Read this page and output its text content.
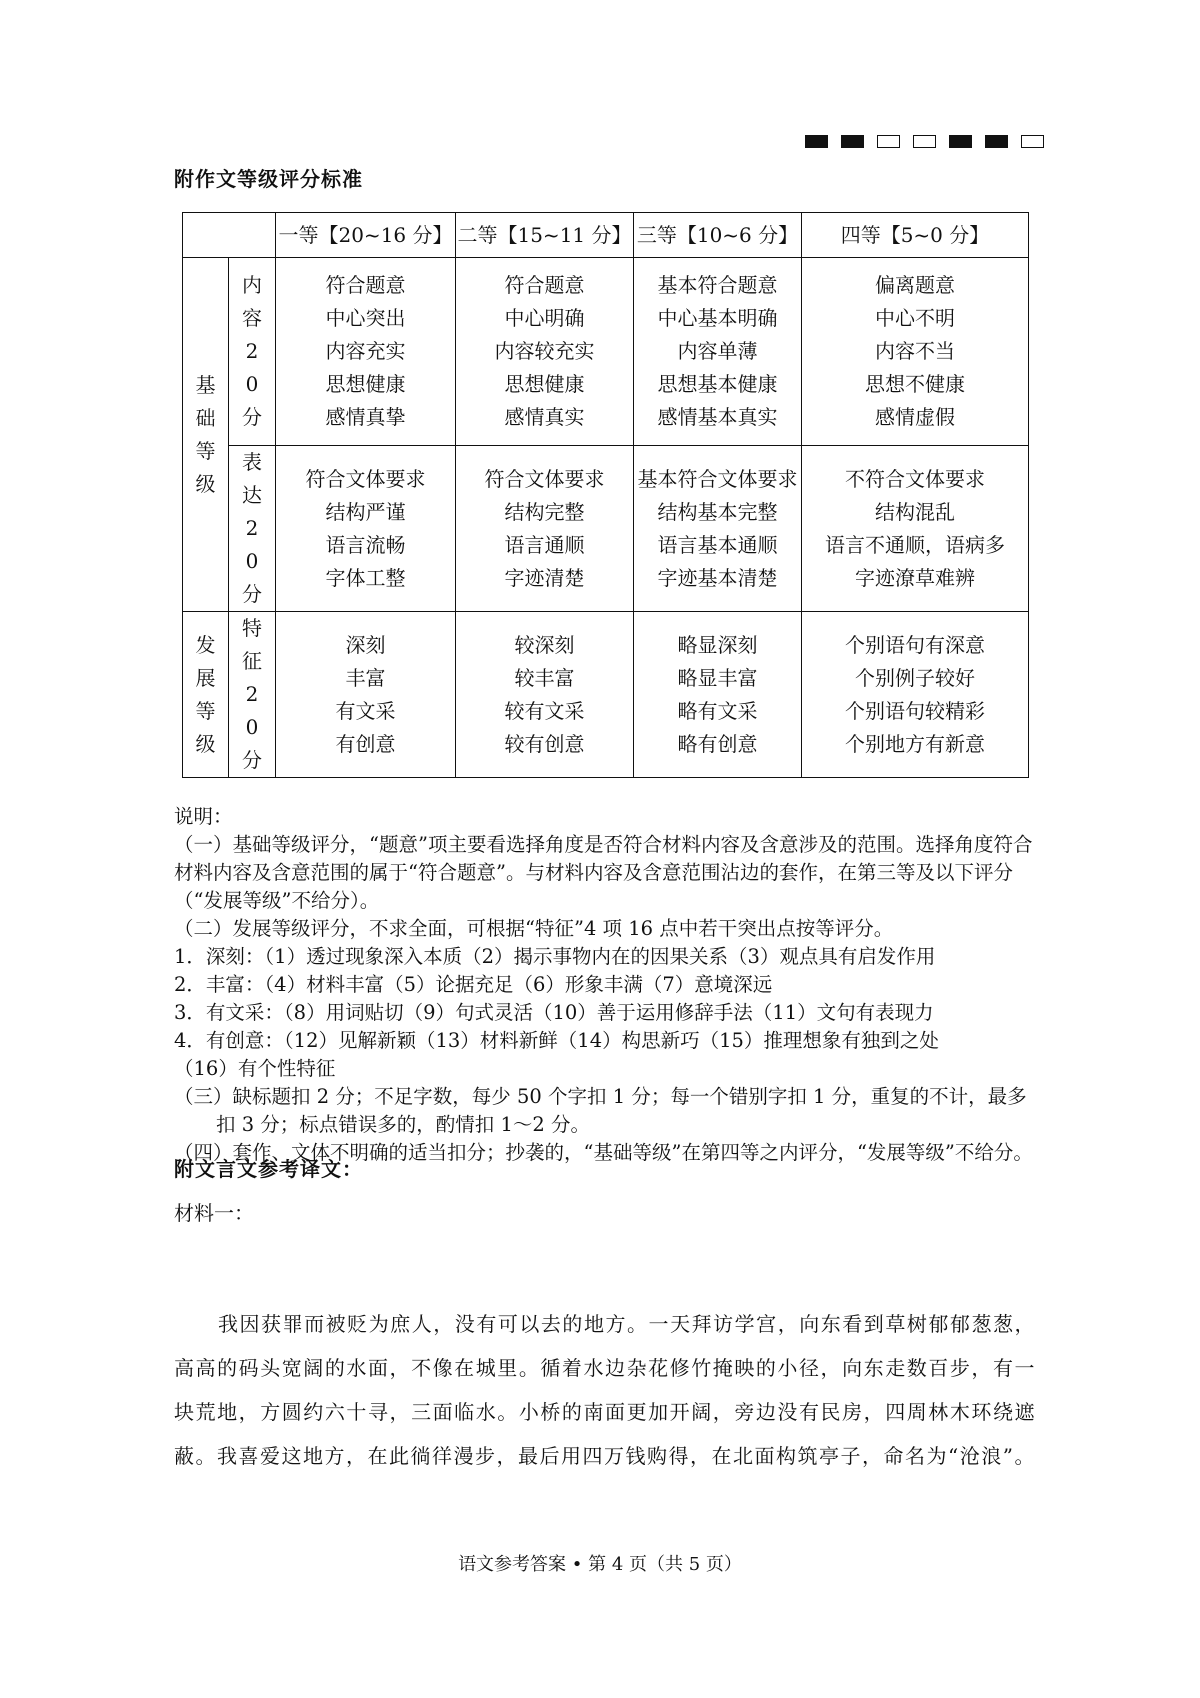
附作文等级评分标准
		一等【20~16 分】	二等【15~11 分】	三等【10~6 分】	四等【5~0 分】

基础等级	内容20分	符合题意
中心突出
内容充实
思想健康
感情真挚	符合题意
中心明确
内容较充实
思想健康
感情真实	基本符合题意
中心基本明确
内容单薄
思想基本健康
感情基本真实	偏离题意
中心不明
内容不当
思想不健康
感情虚假

	表达20分	符合文体要求
结构严谨
语言流畅
字体工整	符合文体要求
结构完整
语言通顺
字迹清楚	基本符合文体要求
结构基本完整
语言基本通顺
字迹基本清楚	不符合文体要求
结构混乱
语言不通顺，语病多
字迹潦草难辨

发展等级	特征20分	深刻
丰富
有文采
有创意	较深刻
较丰富
较有文采
较有创意	略显深刻
略显丰富
略有文采
略有创意	个别语句有深意
个别例子较好
个别语句较精彩
个别地方有新意
说明：
（一）基础等级评分，“题意”项主要看选择角度是否符合材料内容及含意涉及的范围。选择角度符合材料内容及含意范围的属于“符合题意”。与材料内容及含意范围沾边的套作，在第三等及以下评分（“发展等级”不给分）。
（二）发展等级评分，不求全面，可根据“特征”4 项 16 点中若干突出点按等评分。
1．深刻：（1）透过现象深入本质（2）揭示事物内在的因果关系（3）观点具有启发作用
2．丰富：（4）材料丰富（5）论据充足（6）形象丰满（7）意境深远
3．有文采：（8）用词贴切（9）句式灵活（10）善于运用修辞手法（11）文句有表现力
4．有创意：（12）见解新颖（13）材料新鲜（14）构思新巧（15）推理想象有独到之处
（16）有个性特征
（三）缺标题扣 2 分；不足字数，每少 50 个字扣 1 分；每一个错别字扣 1 分，重复的不计，最多扣 3 分；标点错误多的，酌情扣 1～2 分。
（四）套作、文体不明确的适当扣分；抄袭的，“基础等级”在第四等之内评分，“发展等级”不给分。
附文言文参考译文：
材料一：
我因获罪而被贬为庶人，没有可以去的地方。一天拜访学宫，向东看到草树郁郁葱葱，高高的码头宽阔的水面，不像在城里。循着水边杂花修竹掩映的小径，向东走数百步，有一块荒地，方圆约六十寻，三面临水。小桥的南面更加开阔，旁边没有民房，四周林木环绕遮蔽。我喜爱这地方，在此徜徉漫步，最后用四万钱购得，在北面构筑亭子，命名为“沧浪”。
语文参考答案 • 第 4 页（共 5 页）
